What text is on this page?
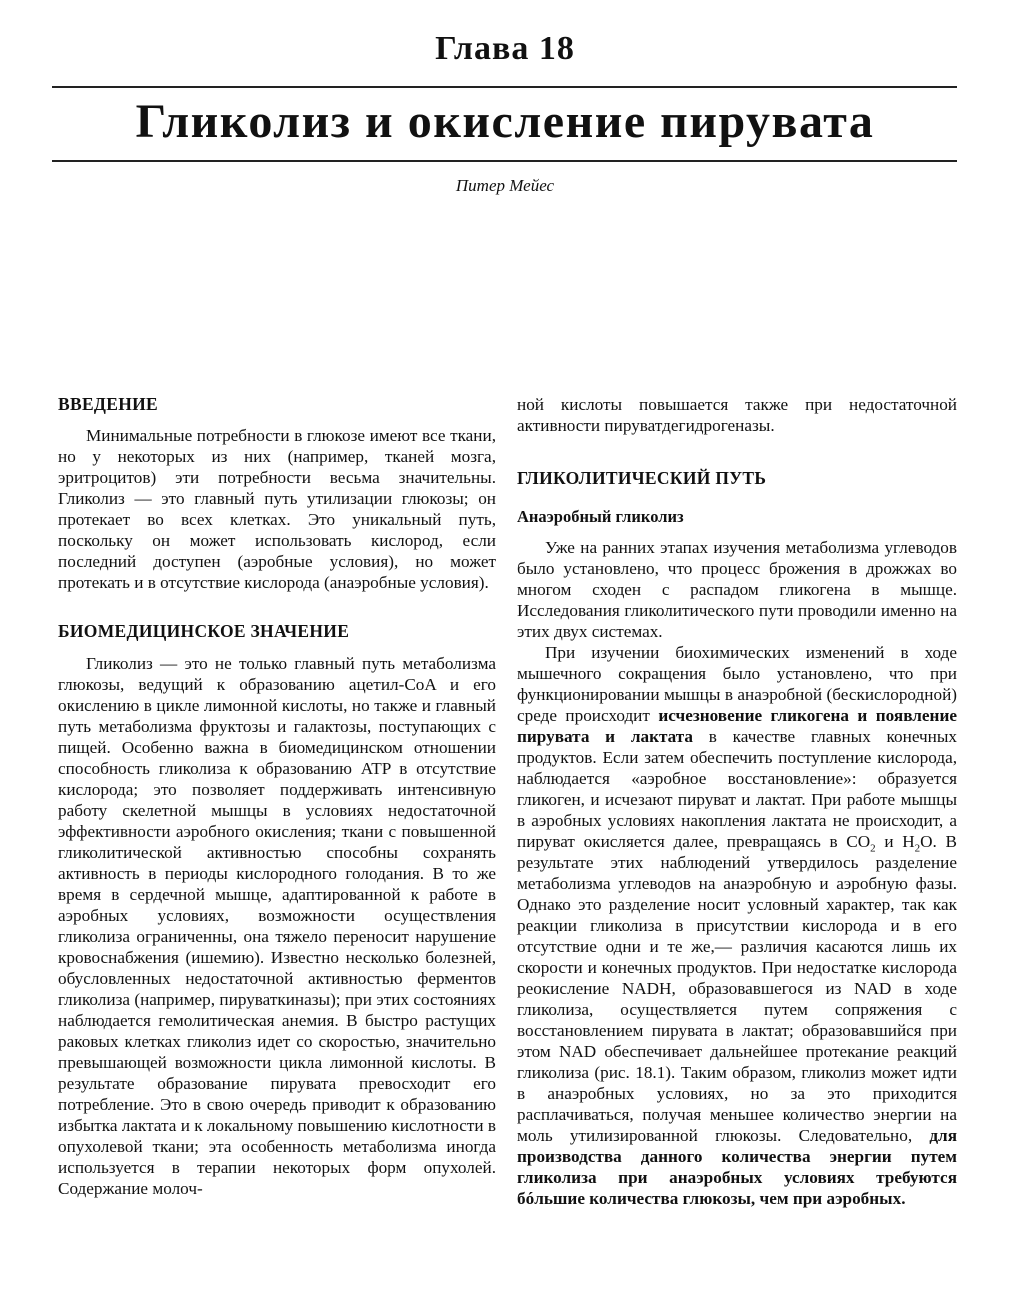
Глава 18
Гликолиз и окисление пирувата
Питер Мейес

ВВЕДЕНИЕ

Минимальные потребности в глюкозе имеют все ткани, но у некоторых из них (например, тканей мозга, эритроцитов) эти потребности весьма значительны. Гликолиз — это главный путь утилизации глюкозы; он протекает во всех клетках. Это уникальный путь, поскольку он может использовать кислород, если последний доступен (аэробные условия), но может протекать и в отсутствие кислорода (анаэробные условия).

БИОМЕДИЦИНСКОЕ ЗНАЧЕНИЕ

Гликолиз — это не только главный путь метаболизма глюкозы, ведущий к образованию ацетил-CoA и его окислению в цикле лимонной кислоты, но также и главный путь метаболизма фруктозы и галактозы, поступающих с пищей. Особенно важна в биомедицинском отношении способность гликолиза к образованию ATP в отсутствие кислорода; это позволяет поддерживать интенсивную работу скелетной мышцы в условиях недостаточной эффективности аэробного окисления; ткани с повышенной гликолитической активностью способны сохранять активность в периоды кислородного голодания. В то же время в сердечной мышце, адаптированной к работе в аэробных условиях, возможности осуществления гликолиза ограниченны, она тяжело переносит нарушение кровоснабжения (ишемию). Известно несколько болезней, обусловленных недостаточной активностью ферментов гликолиза (например, пируваткиназы); при этих состояниях наблюдается гемолитическая анемия. В быстро растущих раковых клетках гликолиз идет со скоростью, значительно превышающей возможности цикла лимонной кислоты. В результате образование пирувата превосходит его потребление. Это в свою очередь приводит к образованию избытка лактата и к локальному повышению кислотности в опухолевой ткани; эта особенность метаболизма иногда используется в терапии некоторых форм опухолей. Содержание молоч-

ной кислоты повышается также при недостаточной активности пируватдегидрогеназы.

ГЛИКОЛИТИЧЕСКИЙ ПУТЬ

Анаэробный гликолиз

Уже на ранних этапах изучения метаболизма углеводов было установлено, что процесс брожения в дрожжах во многом сходен с распадом гликогена в мышце. Исследования гликолитического пути проводили именно на этих двух системах.

При изучении биохимических изменений в ходе мышечного сокращения было установлено, что при функционировании мышцы в анаэробной (бескислородной) среде происходит исчезновение гликогена и появление пирувата и лактата в качестве главных конечных продуктов. Если затем обеспечить поступление кислорода, наблюдается «аэробное восстановление»: образуется гликоген, и исчезают пируват и лактат. При работе мышцы в аэробных условиях накопления лактата не происходит, а пируват окисляется далее, превращаясь в $CO_2$ и $H_2O$. В результате этих наблюдений утвердилось разделение метаболизма углеводов на анаэробную и аэробную фазы. Однако это разделение носит условный характер, так как реакции гликолиза в присутствии кислорода и в его отсутствие одни и те же,— различия касаются лишь их скорости и конечных продуктов. При недостатке кислорода реокисление NADH, образовавшегося из NAD в ходе гликолиза, осуществляется путем сопряжения с восстановлением пирувата в лактат; образовавшийся при этом NAD обеспечивает дальнейшее протекание реакций гликолиза (рис. 18.1). Таким образом, гликолиз может идти в анаэробных условиях, но за это приходится расплачиваться, получая меньшее количество энергии на моль утилизированной глюкозы. Следовательно, для производства данного количества энергии путем гликолиза при анаэробных условиях требуются бóльшие количества глюкозы, чем при аэробных.
